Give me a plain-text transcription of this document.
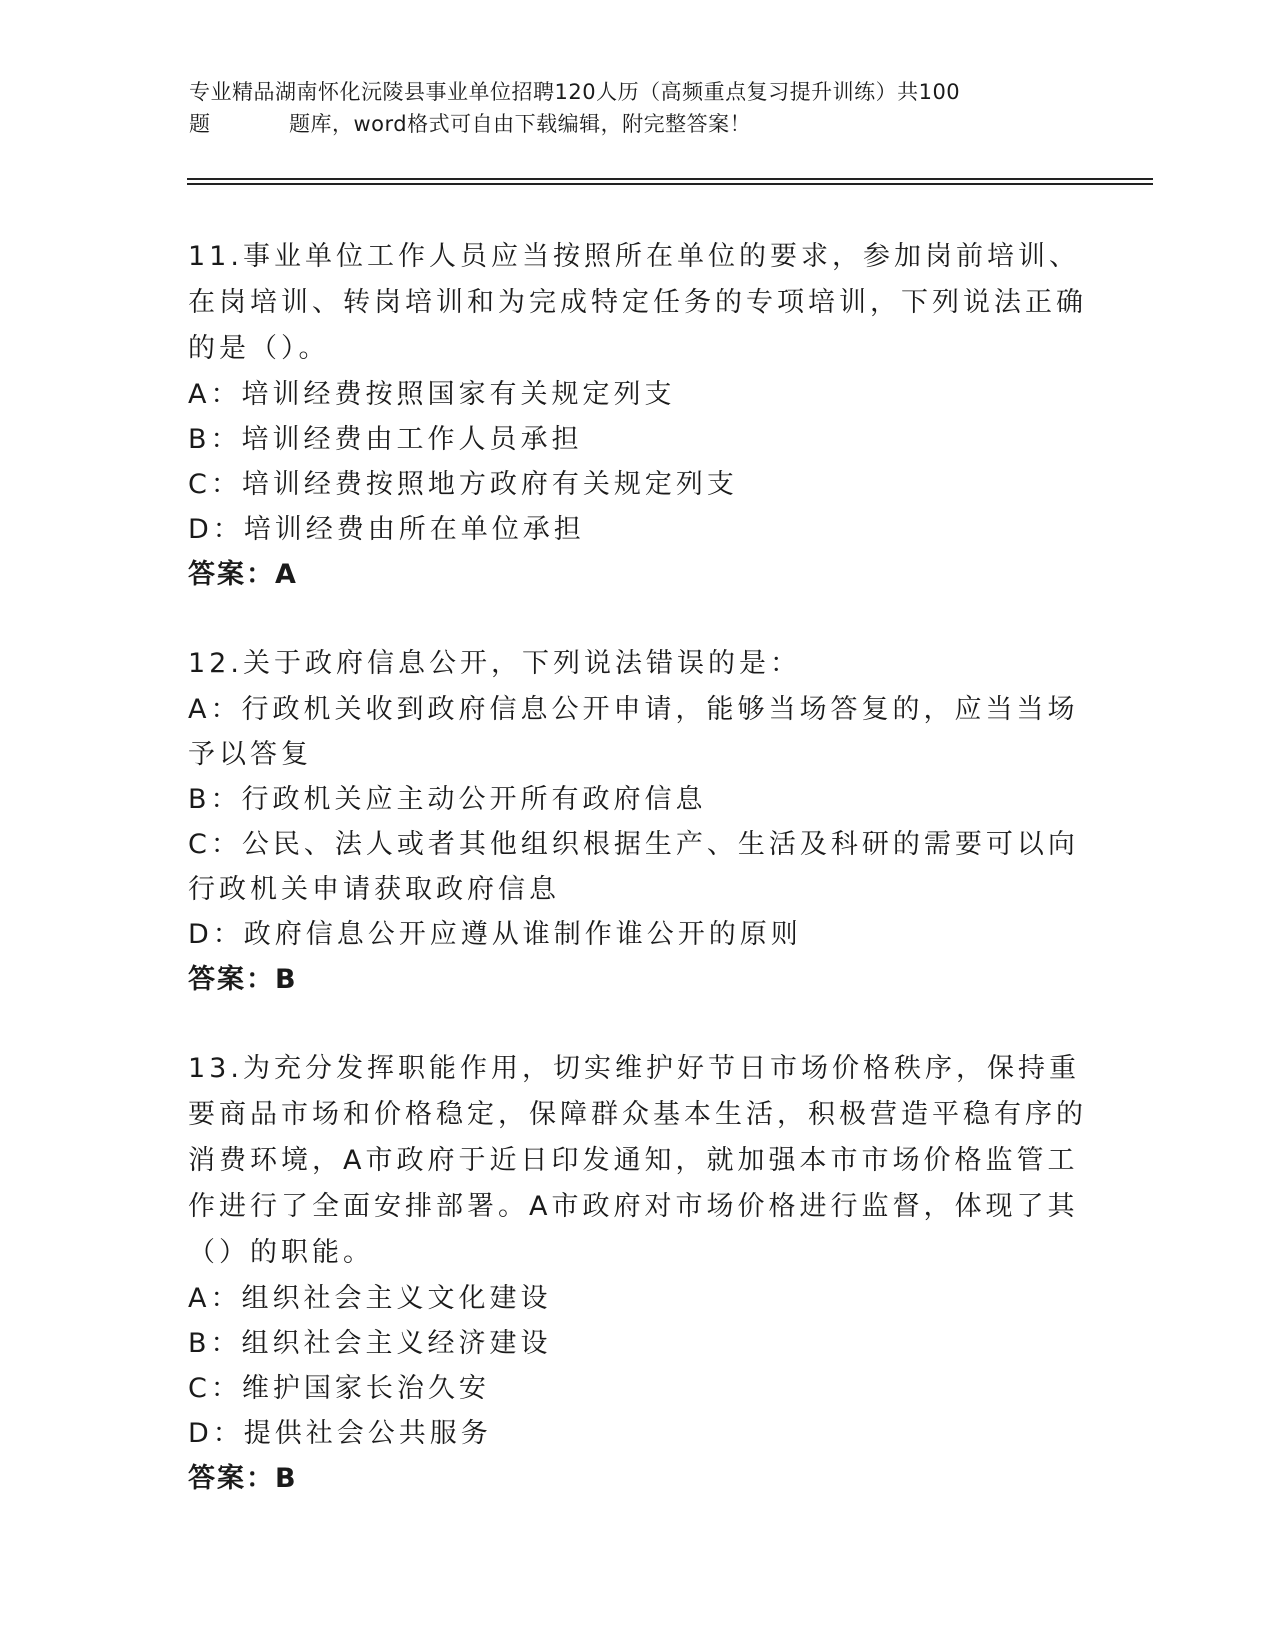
专业精品湖南怀化沅陵县事业单位招聘120人历（高频重点复习提升训练）共100
题	题库，word格式可自由下载编辑，附完整答案！

11.事业单位工作人员应当按照所在单位的要求，参加岗前培训、在岗培训、转岗培训和为完成特定任务的专项培训，下列说法正确的是（）。

A：培训经费按照国家有关规定列支

B：培训经费由工作人员承担

C：培训经费按照地方政府有关规定列支

D：培训经费由所在单位承担

答案：A

12.关于政府信息公开，下列说法错误的是：

A：行政机关收到政府信息公开申请，能够当场答复的，应当当场予以答复

B：行政机关应主动公开所有政府信息

C：公民、法人或者其他组织根据生产、生活及科研的需要可以向行政机关申请获取政府信息

D：政府信息公开应遵从谁制作谁公开的原则

答案：B

13.为充分发挥职能作用，切实维护好节日市场价格秩序，保持重要商品市场和价格稳定，保障群众基本生活，积极营造平稳有序的消费环境，A市政府于近日印发通知，就加强本市市场价格监管工作进行了全面安排部署。A市政府对市场价格进行监督，体现了其（）的职能。

A：组织社会主义文化建设

B：组织社会主义经济建设

C：维护国家长治久安

D：提供社会公共服务

答案：B
